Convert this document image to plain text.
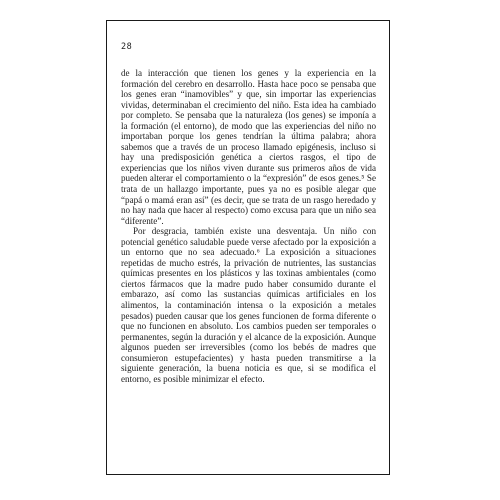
28

de la interacción que tienen los genes y la experiencia en la formación del cerebro en desarrollo. Hasta hace poco se pensaba que los genes eran “inamovibles” y que, sin importar las experiencias vividas, determinaban el crecimiento del niño. Esta idea ha cambiado por completo. Se pensaba que la naturaleza (los genes) se imponía a la formación (el entorno), de modo que las experiencias del niño no importaban porque los genes tendrían la última palabra; ahora sabemos que a través de un proceso llamado epigénesis, incluso si hay una predisposición genética a ciertos rasgos, el tipo de experiencias que los niños viven durante sus primeros años de vida pueden alterar el comportamiento o la “expresión” de esos genes.⁵ Se trata de un hallazgo importante, pues ya no es posible alegar que “papá o mamá eran así” (es decir, que se trata de un rasgo heredado y no hay nada que hacer al respecto) como excusa para que un niño sea “diferente”.

Por desgracia, también existe una desventaja. Un niño con potencial genético saludable puede verse afectado por la exposición a un entorno que no sea adecuado.⁶ La exposición a situaciones repetidas de mucho estrés, la privación de nutrientes, las sustancias químicas presentes en los plásticos y las toxinas ambientales (como ciertos fármacos que la madre pudo haber consumido durante el embarazo, así como las sustancias químicas artificiales en los alimentos, la contaminación intensa o la exposición a metales pesados) pueden causar que los genes funcionen de forma diferente o que no funcionen en absoluto. Los cambios pueden ser temporales o permanentes, según la duración y el alcance de la exposición. Aunque algunos pueden ser irreversibles (como los bebés de madres que consumieron estupefacientes) y hasta pueden transmitirse a la siguiente generación, la buena noticia es que, si se modifica el entorno, es posible minimizar el efecto.
